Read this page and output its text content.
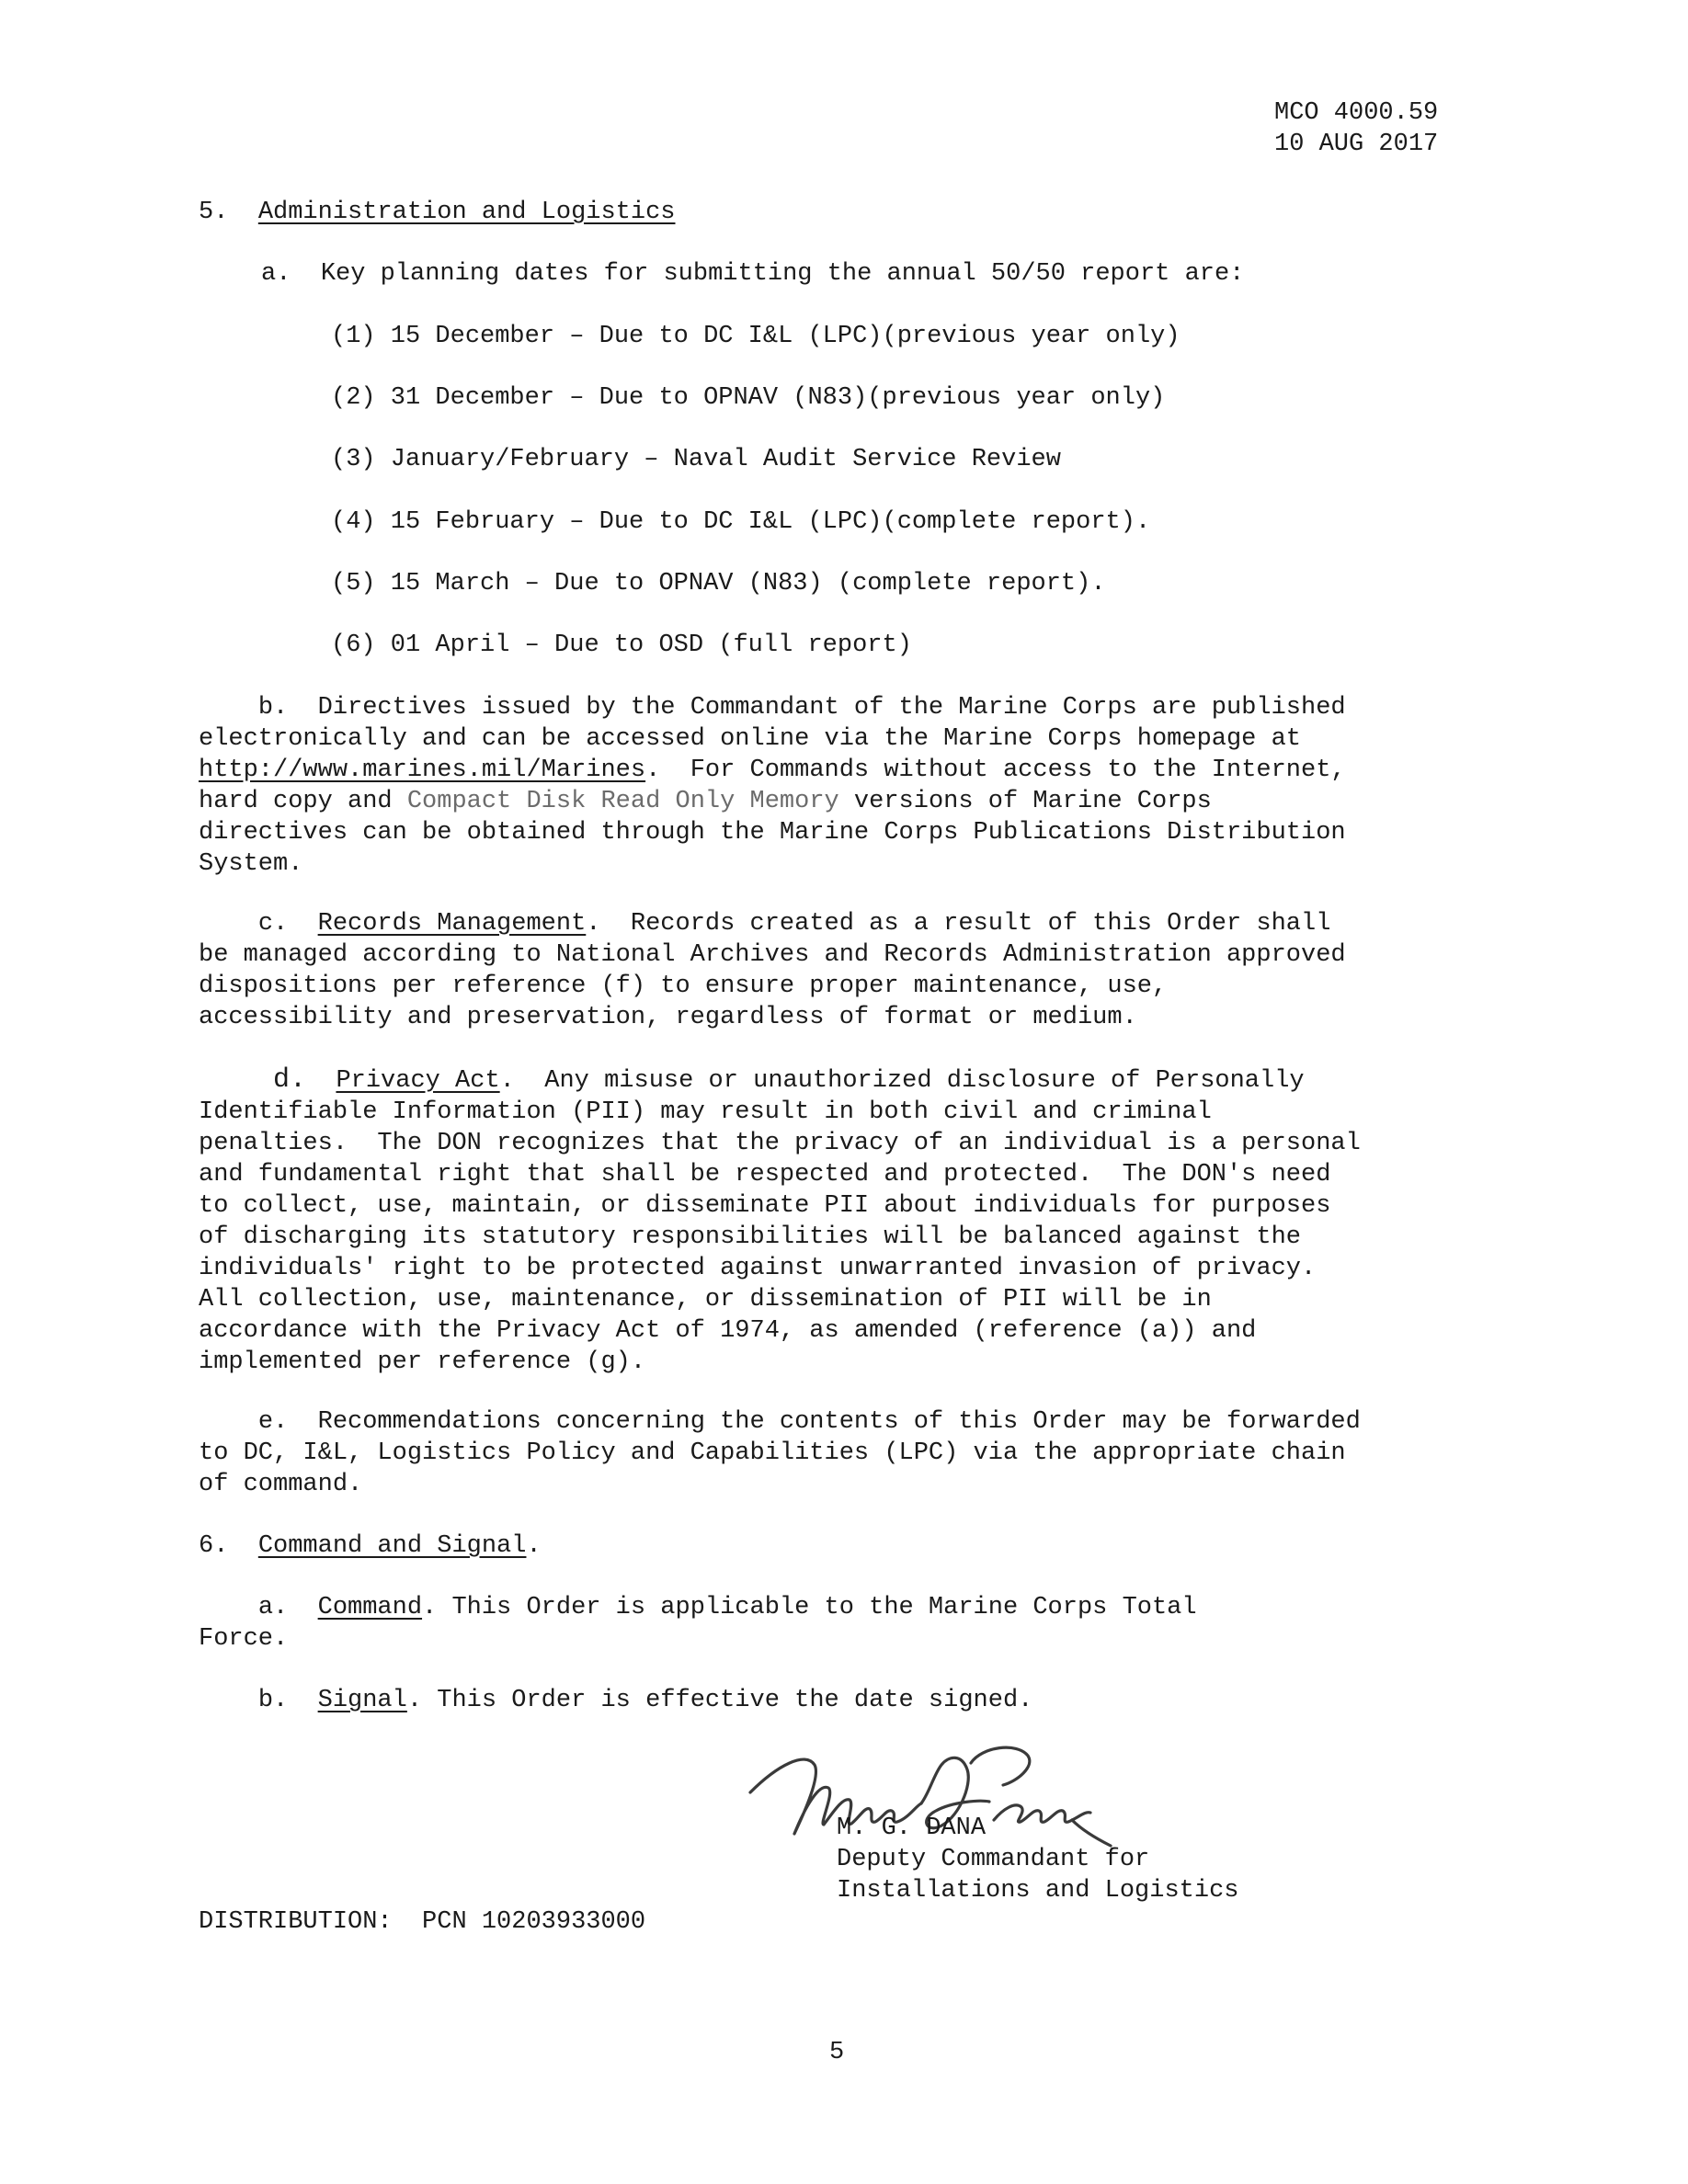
MCO 4000.59
10 AUG 2017
5. Administration and Logistics
a. Key planning dates for submitting the annual 50/50 report are:
(1) 15 December – Due to DC I&L (LPC)(previous year only)
(2) 31 December – Due to OPNAV (N83)(previous year only)
(3) January/February – Naval Audit Service Review
(4) 15 February – Due to DC I&L (LPC)(complete report).
(5) 15 March – Due to OPNAV (N83) (complete report).
(6) 01 April – Due to OSD (full report)
b. Directives issued by the Commandant of the Marine Corps are published
electronically and can be accessed online via the Marine Corps homepage at
http://www.marines.mil/Marines.  For Commands without access to the Internet,
hard copy and Compact Disk Read Only Memory versions of Marine Corps
directives can be obtained through the Marine Corps Publications Distribution
System.
c. Records Management.  Records created as a result of this Order shall
be managed according to National Archives and Records Administration approved
dispositions per reference (f) to ensure proper maintenance, use,
accessibility and preservation, regardless of format or medium.
d. Privacy Act.  Any misuse or unauthorized disclosure of Personally
Identifiable Information (PII) may result in both civil and criminal
penalties.  The DON recognizes that the privacy of an individual is a personal
and fundamental right that shall be respected and protected.  The DON's need
to collect, use, maintain, or disseminate PII about individuals for purposes
of discharging its statutory responsibilities will be balanced against the
individuals' right to be protected against unwarranted invasion of privacy.
All collection, use, maintenance, or dissemination of PII will be in
accordance with the Privacy Act of 1974, as amended (reference (a)) and
implemented per reference (g).
e. Recommendations concerning the contents of this Order may be forwarded
to DC, I&L, Logistics Policy and Capabilities (LPC) via the appropriate chain
of command.
6. Command and Signal.
a. Command. This Order is applicable to the Marine Corps Total
Force.
b. Signal. This Order is effective the date signed.
M. G. DANA
Deputy Commandant for
Installations and Logistics
DISTRIBUTION: PCN 10203933000
5
